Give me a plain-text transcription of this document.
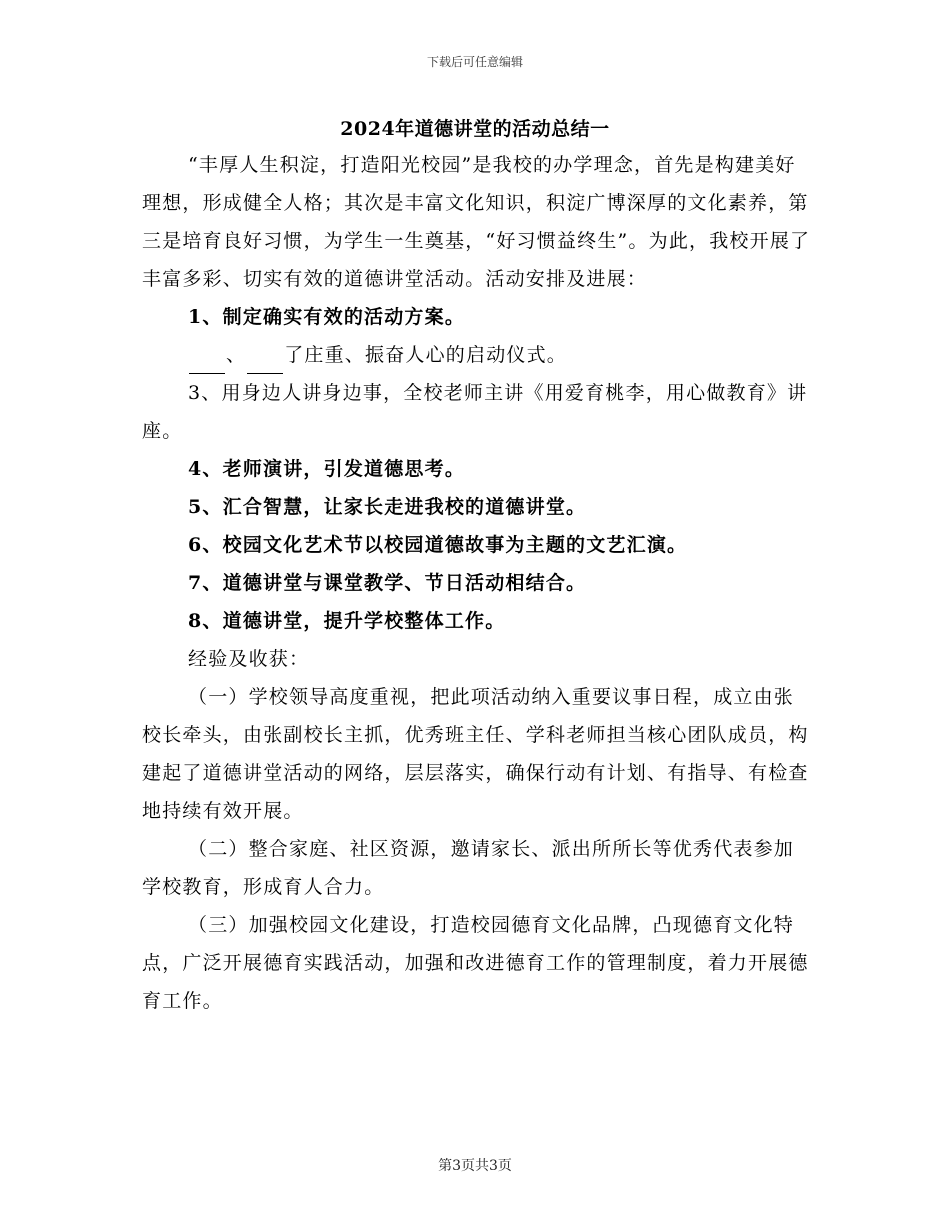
下载后可任意编辑
2024年道德讲堂的活动总结一

“丰厚人生积淀，打造阳光校园”是我校的办学理念，首先是构建美好理想，形成健全人格；其次是丰富文化知识，积淀广博深厚的文化素养，第三是培育良好习惯，为学生一生奠基，“好习惯益终生”。为此，我校开展了丰富多彩、切实有效的道德讲堂活动。活动安排及进展：

1、制定确实有效的活动方案。

、 了庄重、振奋人心的启动仪式。

3、用身边人讲身边事，全校老师主讲《用爱育桃李，用心做教育》讲座。

4、老师演讲，引发道德思考。

5、汇合智慧，让家长走进我校的道德讲堂。

6、校园文化艺术节以校园道德故事为主题的文艺汇演。

7、道德讲堂与课堂教学、节日活动相结合。

8、道德讲堂，提升学校整体工作。

经验及收获：

（一）学校领导高度重视，把此项活动纳入重要议事日程，成立由张校长牵头，由张副校长主抓，优秀班主任、学科老师担当核心团队成员，构建起了道德讲堂活动的网络，层层落实，确保行动有计划、有指导、有检查地持续有效开展。

（二）整合家庭、社区资源，邀请家长、派出所所长等优秀代表参加学校教育，形成育人合力。

（三）加强校园文化建设，打造校园德育文化品牌，凸现德育文化特点，广泛开展德育实践活动，加强和改进德育工作的管理制度，着力开展德育工作。

第3页共3页
